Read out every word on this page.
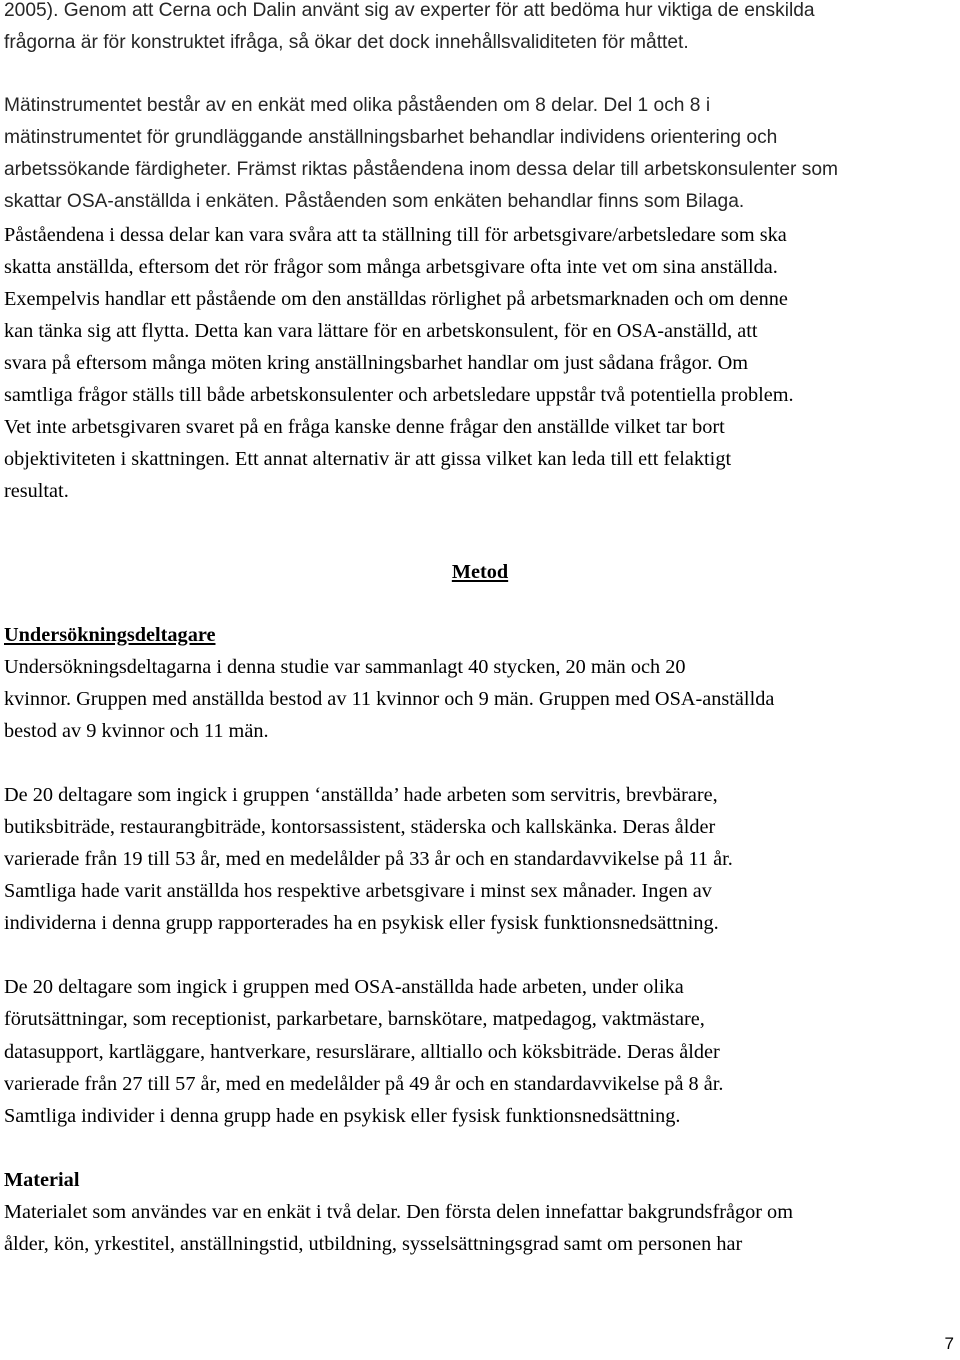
2005). Genom att Cerna och Dalin använt sig av experter för att bedöma hur viktiga de enskilda
frågorna är för konstruktet ifråga, så ökar det dock innehållsvaliditeten för måttet.

Mätinstrumentet består av en enkät med olika påståenden om 8 delar. Del 1 och 8 i
mätinstrumentet för grundläggande anställningsbarhet behandlar individens orientering och
arbetssökande färdigheter. Främst riktas påståendena inom dessa delar till arbetskonsulenter som
skattar OSA-anställda i enkäten. Påståenden som enkäten behandlar finns som Bilaga.
Påståendena i dessa delar kan vara svåra att ta ställning till för arbetsgivare/arbetsledare som ska
skatta anställda, eftersom det rör frågor som många arbetsgivare ofta inte vet om sina anställda.
Exempelvis handlar ett påstående om den anställdas rörlighet på arbetsmarknaden och om denne
kan tänka sig att flytta. Detta kan vara lättare för en arbetskonsulent, för en OSA-anställd, att
svara på eftersom många möten kring anställningsbarhet handlar om just sådana frågor. Om
samtliga frågor ställs till både arbetskonsulenter och arbetsledare uppstår två potentiella problem.
Vet inte arbetsgivaren svaret på en fråga kanske denne frågar den anställde vilket tar bort
objektiviteten i skattningen. Ett annat alternativ är att gissa vilket kan leda till ett felaktigt
resultat.

Metod

Undersökningsdeltagare

Undersökningsdeltagarna i denna studie var sammanlagt 40 stycken, 20 män och 20
kvinnor. Gruppen med anställda bestod av 11 kvinnor och 9 män. Gruppen med OSA-anställda
bestod av 9 kvinnor och 11 män.
De 20 deltagare som ingick i gruppen ‘anställda’ hade arbeten som servitris, brevbärare,
butiksbiträde, restaurangbiträde, kontorsassistent, städerska och kallskänka. Deras ålder
varierade från 19 till 53 år, med en medelålder på 33 år och en standardavvikelse på 11 år.
Samtliga hade varit anställda hos respektive arbetsgivare i minst sex månader. Ingen av
individerna i denna grupp rapporterades ha en psykisk eller fysisk funktionsnedsättning.
De 20 deltagare som ingick i gruppen med OSA-anställda hade arbeten, under olika
förutsättningar, som receptionist, parkarbetare, barnskötare, matpedagog, vaktmästare,
datasupport, kartläggare, hantverkare, resurslärare, alltiallo och köksbiträde. Deras ålder
varierade från 27 till 57 år, med en medelålder på 49 år och en standardavvikelse på 8 år.
Samtliga individer i denna grupp hade en psykisk eller fysisk funktionsnedsättning.

Material

Materialet som användes var en enkät i två delar. Den första delen innefattar bakgrundsfrågor om
ålder, kön, yrkestitel, anställningstid, utbildning, sysselsättningsgrad samt om personen har
7
